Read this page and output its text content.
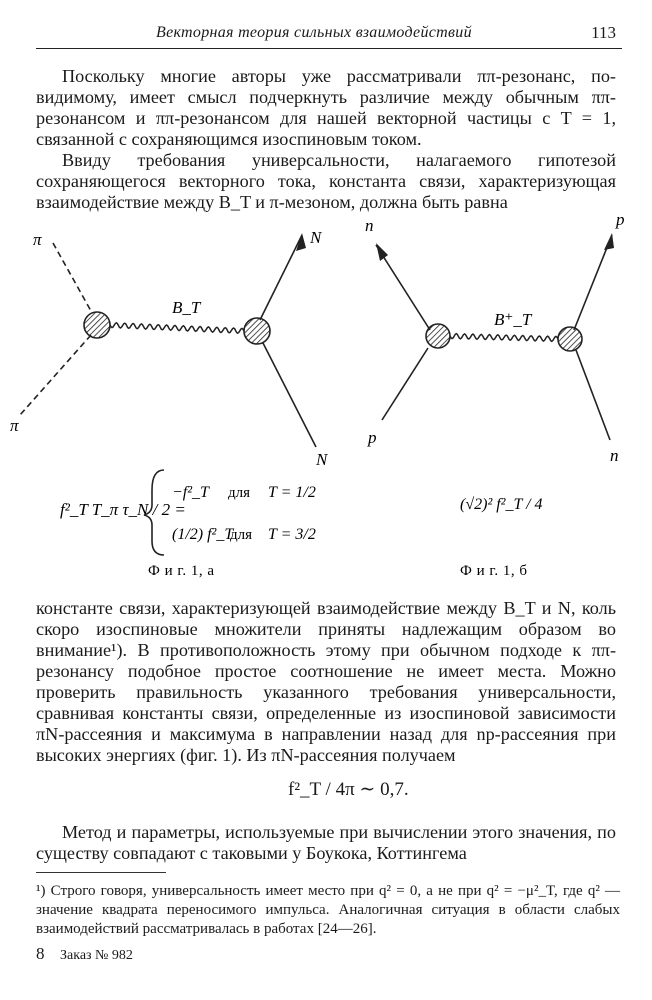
Векторная теория сильных взаимодействий	113

Поскольку многие авторы уже рассматривали ππ-резонанс, по-видимому, имеет смысл подчеркнуть различие между обычным ππ-резонансом и ππ-резонансом для нашей векторной частицы с T = 1, связанной с сохраняющимся изоспиновым током.

Ввиду требования универсальности, налагаемого гипотезой сохраняющегося векторного тока, константа связи, характеризующая взаимодействие между B_T и π-мезоном, должна быть равна

π
π
N
N
B_T
f²_T T_π τ_N / 2 =
−f²_T для T = 1/2
(1/2) f²_T
для T = 3/2
Ф и г. 1, а
n	p
p
n
B⁺_T
(√2)² f²_T / 4
Ф и г. 1, б

константе связи, характеризующей взаимодействие между B_T и N, коль скоро изоспиновые множители приняты надлежащим образом во внимание¹). В противоположность этому при обычном подходе к ππ-резонансу подобное простое соотношение не имеет места. Можно проверить правильность указанного требования универсальности, сравнивая константы связи, определенные из изоспиновой зависимости πN-рассеяния и максимума в направлении назад для np-рассеяния при высоких энергиях (фиг. 1). Из πN-рассеяния получаем

f²_T / 4π ∼ 0,7.

Метод и параметры, используемые при вычислении этого значения, по существу совпадают с таковыми у Боукока, Коттингема

¹) Строго говоря, универсальность имеет место при q² = 0, а не при q² = −μ²_T, где q² — значение квадрата переносимого импульса. Аналогичная ситуация в области слабых взаимодействий рассматривалась в работах [24—26].

8 Заказ № 982
